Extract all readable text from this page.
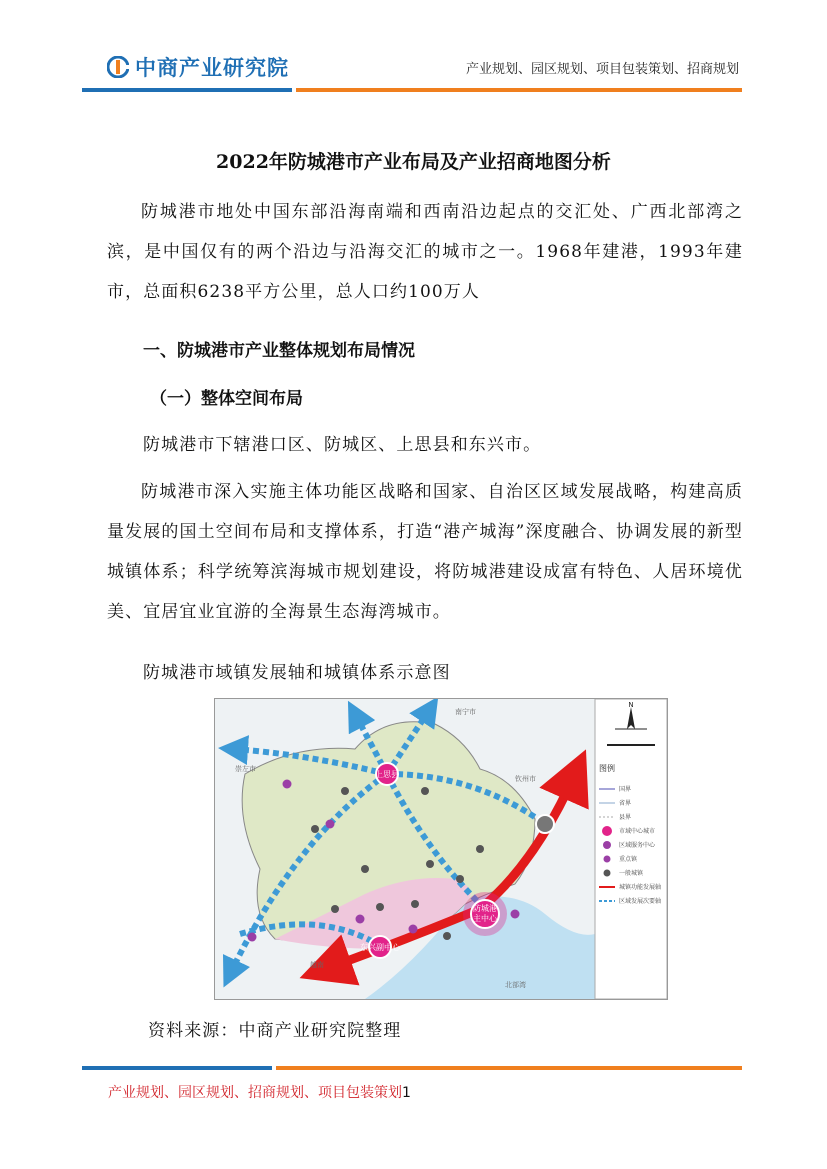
中商产业研究院	产业规划、园区规划、项目包装策划、招商规划
2022年防城港市产业布局及产业招商地图分析
防城港市地处中国东部沿海南端和西南沿边起点的交汇处、广西北部湾之滨，是中国仅有的两个沿边与沿海交汇的城市之一。1968年建港，1993年建市，总面积6238平方公里，总人口约100万人
一、防城港市产业整体规划布局情况
（一）整体空间布局
防城港市下辖港口区、防城区、上思县和东兴市。
防城港市深入实施主体功能区战略和国家、自治区区域发展战略，构建高质量发展的国土空间布局和支撑体系，打造“港产城海”深度融合、协调发展的新型城镇体系；科学统筹滨海城市规划建设，将防城港建设成富有特色、人居环境优美、宜居宜业宜游的全海景生态海湾城市。
防城港市域镇发展轴和城镇体系示意图
防城港
主中心
东兴副中心
上思县
南宁市
钦州市
崇左市
越南
北部湾
N
图例
国界
省界
县界
市域中心城市
区域服务中心
重点镇
一般城镇
城镇功能发展轴
区域发展次要轴
资料来源：中商产业研究院整理
产业规划、园区规划、招商规划、项目包装策划1
